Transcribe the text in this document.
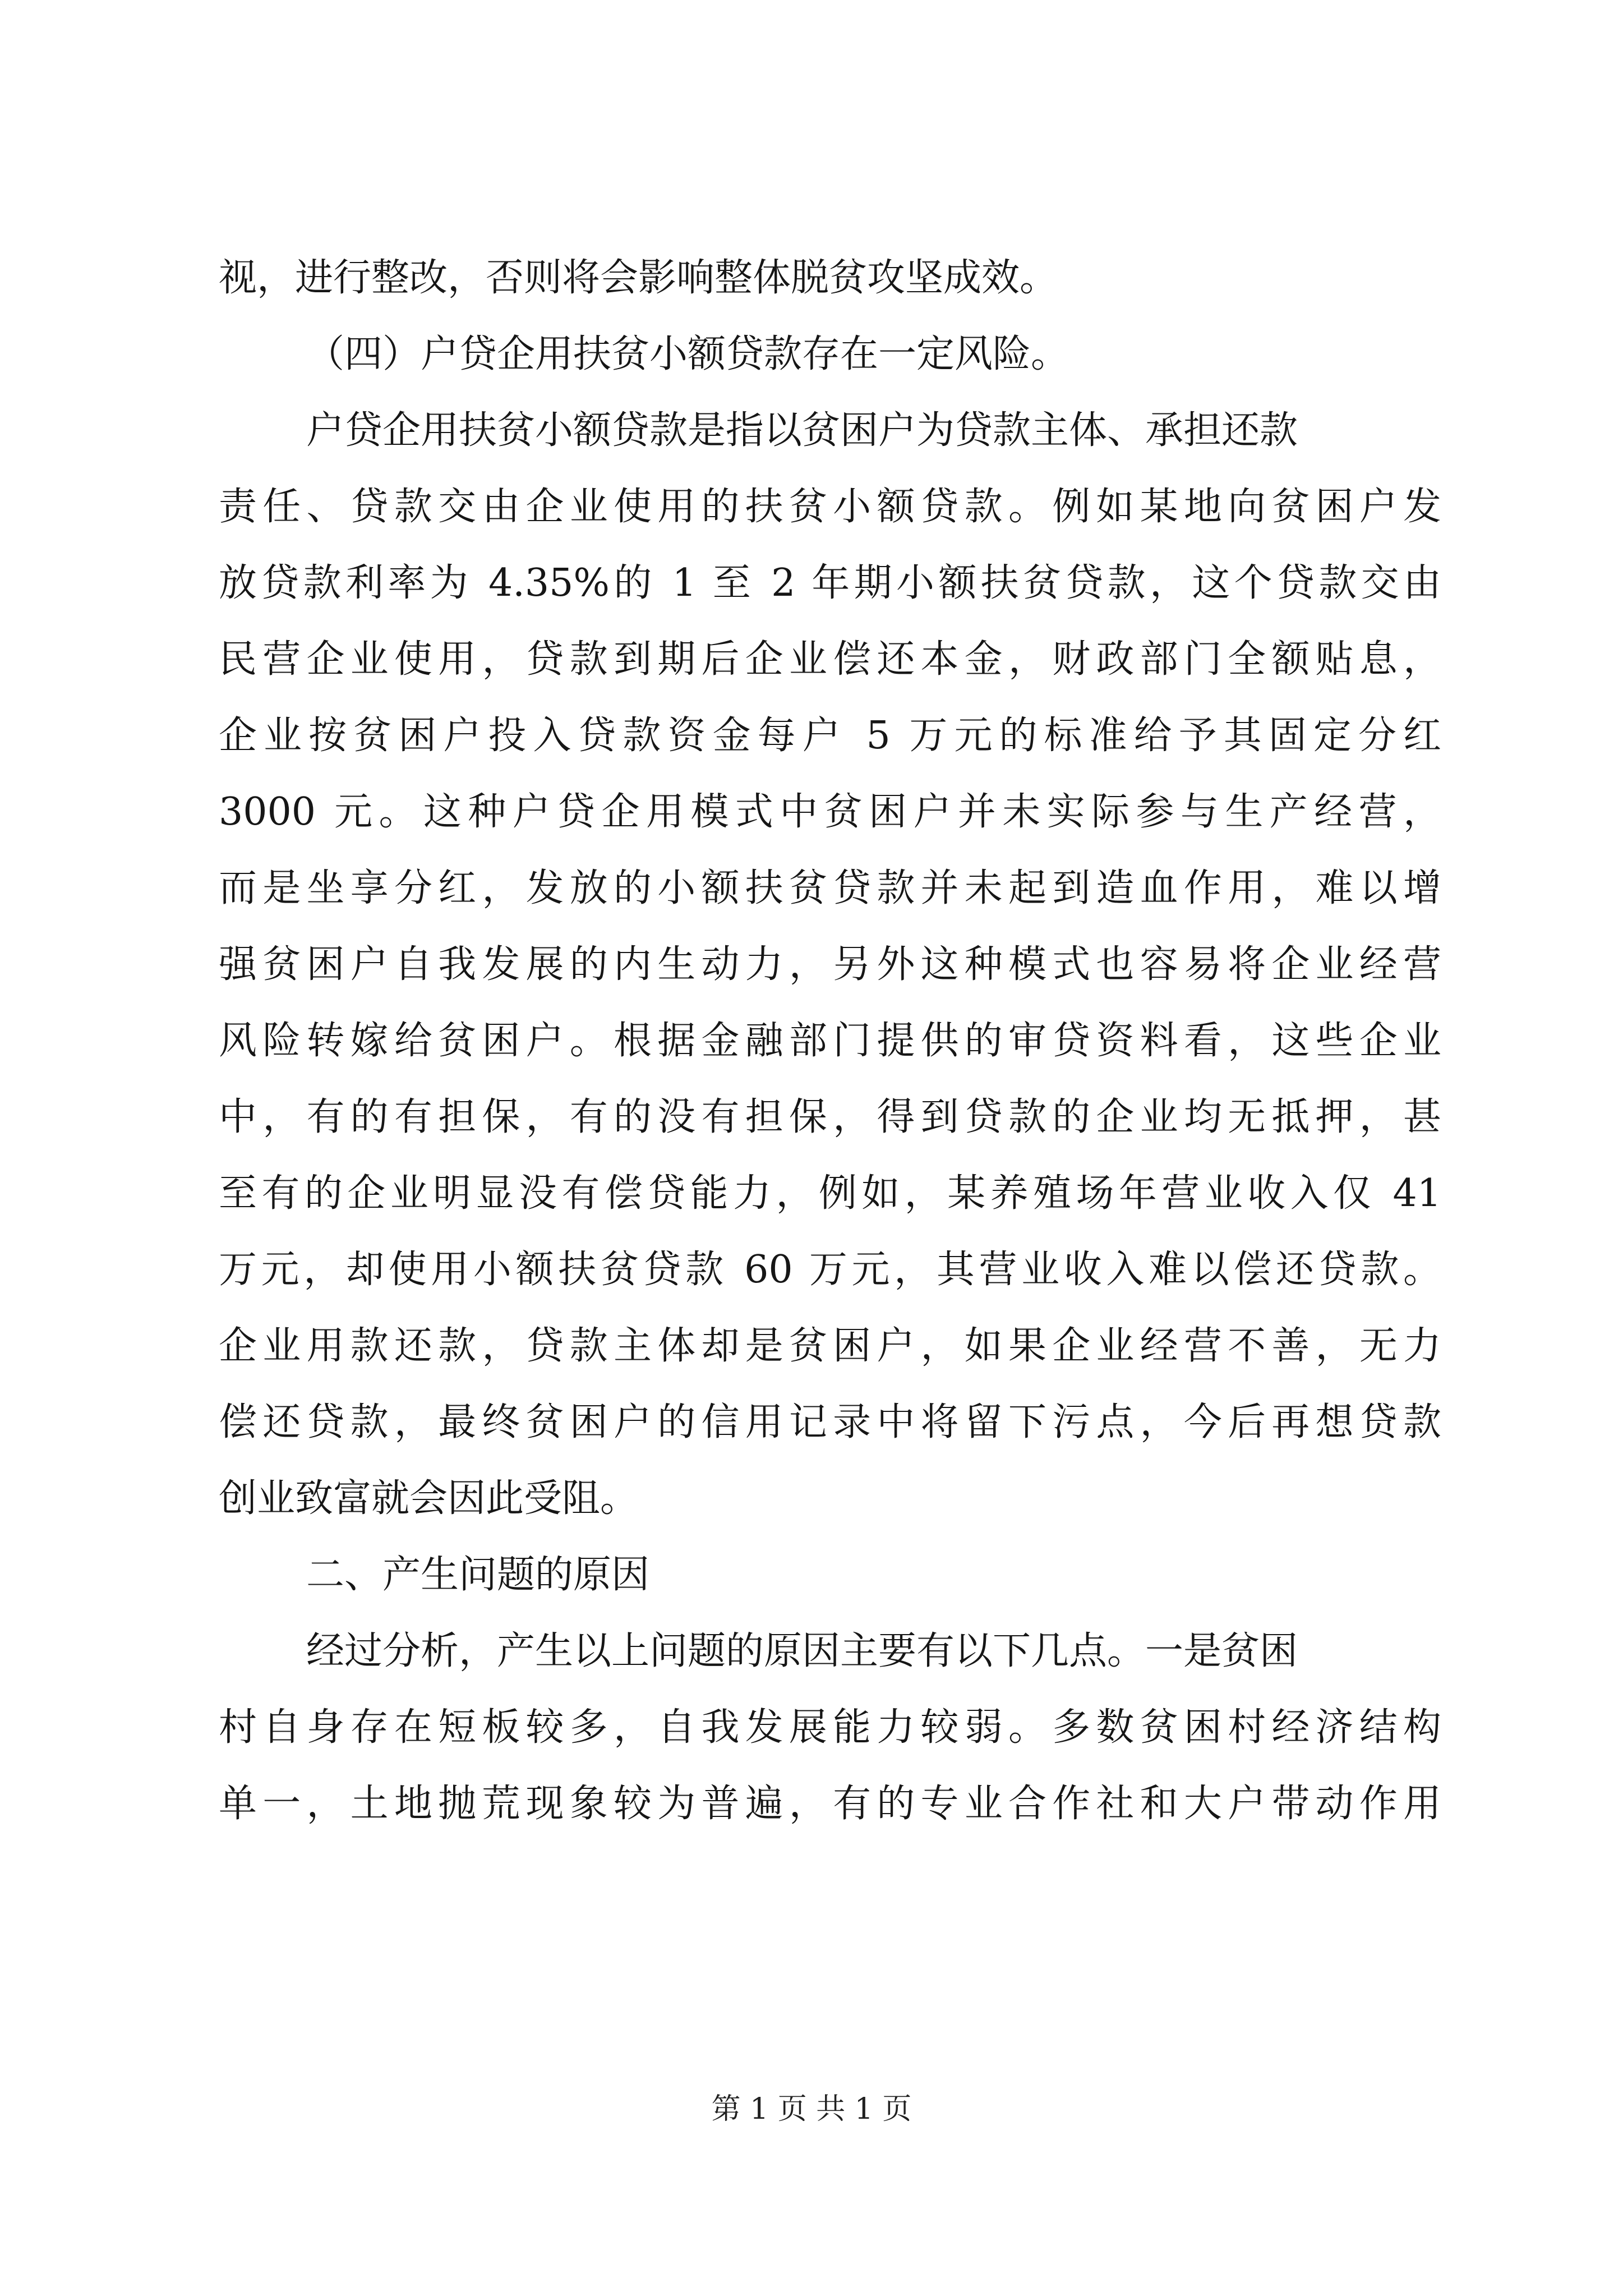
视，进行整改，否则将会影响整体脱贫攻坚成效。
（四）户贷企用扶贫小额贷款存在一定风险。
户贷企用扶贫小额贷款是指以贫困户为贷款主体、承担还款
责任、贷款交由企业使用的扶贫小额贷款。例如某地向贫困户发
放贷款利率为 4.35%的 1 至 2 年期小额扶贫贷款，这个贷款交由
民营企业使用，贷款到期后企业偿还本金，财政部门全额贴息，
企业按贫困户投入贷款资金每户 5 万元的标准给予其固定分红
3000 元。这种户贷企用模式中贫困户并未实际参与生产经营，
而是坐享分红，发放的小额扶贫贷款并未起到造血作用，难以增
强贫困户自我发展的内生动力，另外这种模式也容易将企业经营
风险转嫁给贫困户。根据金融部门提供的审贷资料看，这些企业
中，有的有担保，有的没有担保，得到贷款的企业均无抵押，甚
至有的企业明显没有偿贷能力，例如，某养殖场年营业收入仅 41
万元，却使用小额扶贫贷款 60 万元，其营业收入难以偿还贷款。
企业用款还款，贷款主体却是贫困户，如果企业经营不善，无力
偿还贷款，最终贫困户的信用记录中将留下污点，今后再想贷款
创业致富就会因此受阻。
二、产生问题的原因
经过分析，产生以上问题的原因主要有以下几点。一是贫困
村自身存在短板较多，自我发展能力较弱。多数贫困村经济结构
单一，土地抛荒现象较为普遍，有的专业合作社和大户带动作用
第 1 页 共 1 页
